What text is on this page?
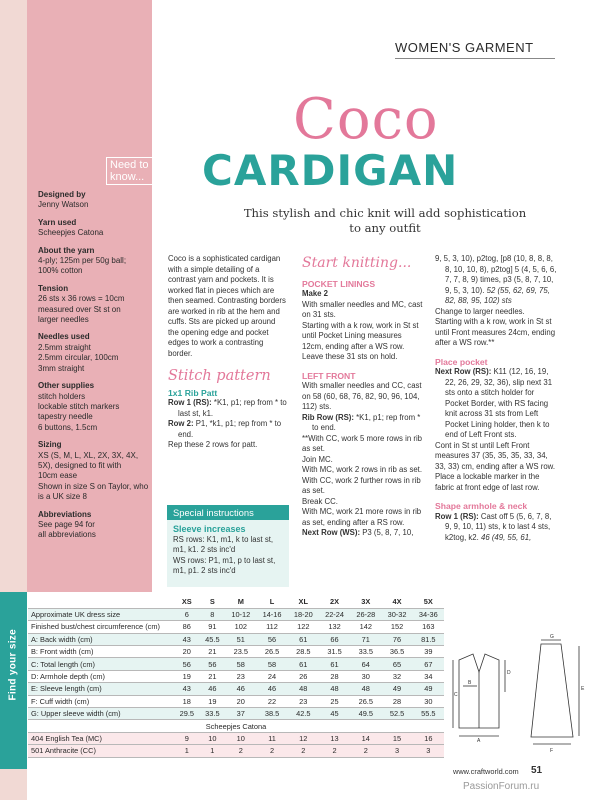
Need to know...
Designed by
Jenny Watson
Yarn used
Scheepjes Catona
About the yarn
4-ply; 125m per 50g ball;
100% cotton
Tension
26 sts x 36 rows = 10cm
measured over St st on
larger needles
Needles used
2.5mm straight
2.5mm circular, 100cm
3mm straight
Other supplies
stitch holders
lockable stitch markers
tapestry needle
6 buttons, 1.5cm
Sizing
XS (S, M, L, XL, 2X, 3X, 4X,
5X), designed to fit with
10cm ease
Shown in size S on Taylor, who
is a UK size 8
Abbreviations
See page 94 for
all abbreviations
WOMEN'S GARMENT
Coco
CARDIGAN
This stylish and chic knit will add sophistication to any outfit

Coco is a sophisticated cardigan with a simple detailing of a contrast yarn and pockets. It is worked flat in pieces which are then seamed. Contrasting borders are worked in rib at the hem and cuffs. Sts are picked up around the opening edge and pocket edges to work a contrasting border.

Stitch pattern
1x1 Rib Patt

Row 1 (RS): *K1, p1; rep from * to last st, k1.

Row 2: P1, *k1, p1; rep from * to end.

Rep these 2 rows for patt.

Special instructions
Sleeve increases

RS rows: K1, m1, k to last st, m1, k1. 2 sts inc'd

WS rows: P1, m1, p to last st, m1, p1. 2 sts inc'd

Start knitting...
POCKET LININGS

Make 2

With smaller needles and MC, cast on 31 sts.

Starting with a k row, work in St st until Pocket Lining measures 12cm, ending after a WS row.

Leave these 31 sts on hold.

LEFT FRONT

With smaller needles and CC, cast on 58 (60, 68, 76, 82, 90, 96, 104, 112) sts.

Rib Row (RS): *K1, p1; rep from * to end.

**With CC, work 5 more rows in rib as set.

Join MC.

With MC, work 2 rows in rib as set.

With CC, work 2 further rows in rib as set.

Break CC.

With MC, work 21 more rows in rib as set, ending after a RS row.

Next Row (WS): P3 (5, 8, 7, 10,

9, 5, 3, 10), p2tog, [p8 (10, 8, 8, 8, 8, 10, 10, 8), p2tog] 5 (4, 5, 6, 6, 7, 7, 8, 9) times, p3 (5, 8, 7, 10, 9, 5, 3, 10). 52 (55, 62, 69, 75, 82, 88, 95, 102) sts

Change to larger needles.

Starting with a k row, work in St st until Front measures 24cm, ending after a WS row.**

Place pocket

Next Row (RS): K11 (12, 16, 19, 22, 26, 29, 32, 36), slip next 31 sts onto a stitch holder for Pocket Border, with RS facing knit across 31 sts from Left Pocket Lining holder, then k to end of Left Front sts.

Cont in St st until Left Front measures 37 (35, 35, 35, 33, 34, 33, 33) cm, ending after a WS row.

Place a lockable marker in the fabric at front edge of last row.

Shape armhole & neck

Row 1 (RS): Cast off 5 (5, 6, 7, 8, 9, 9, 10, 11) sts, k to last 4 sts, k2tog, k2. 46 (49, 55, 61,

	XS	S	M	L	XL	2X	3X	4X	5X
Approximate UK dress size	6	8	10-12	14-16	18-20	22-24	26-28	30-32	34-36
Finished bust/chest circumference (cm)	86	91	102	112	122	132	142	152	163
A: Back width (cm)	43	45.5	51	56	61	66	71	76	81.5
B: Front width (cm)	20	21	23.5	26.5	28.5	31.5	33.5	36.5	39
C: Total length (cm)	56	56	58	58	61	61	64	65	67
D: Armhole depth (cm)	19	21	23	24	26	28	30	32	34
E: Sleeve length (cm)	43	46	46	46	48	48	48	49	49
F: Cuff width (cm)	18	19	20	22	23	25	26.5	28	30
G: Upper sleeve width (cm)	29.5	33.5	37	38.5	42.5	45	49.5	52.5	55.5
Scheepjes Catona									
404 English Tea (MC)	9	10	10	11	12	13	14	15	16
501 Anthracite (CC)	1	1	2	2	2	2	2	3	3
A
B
C
D
E
G
F
www.craftworld.com 51
PassionForum.ru
